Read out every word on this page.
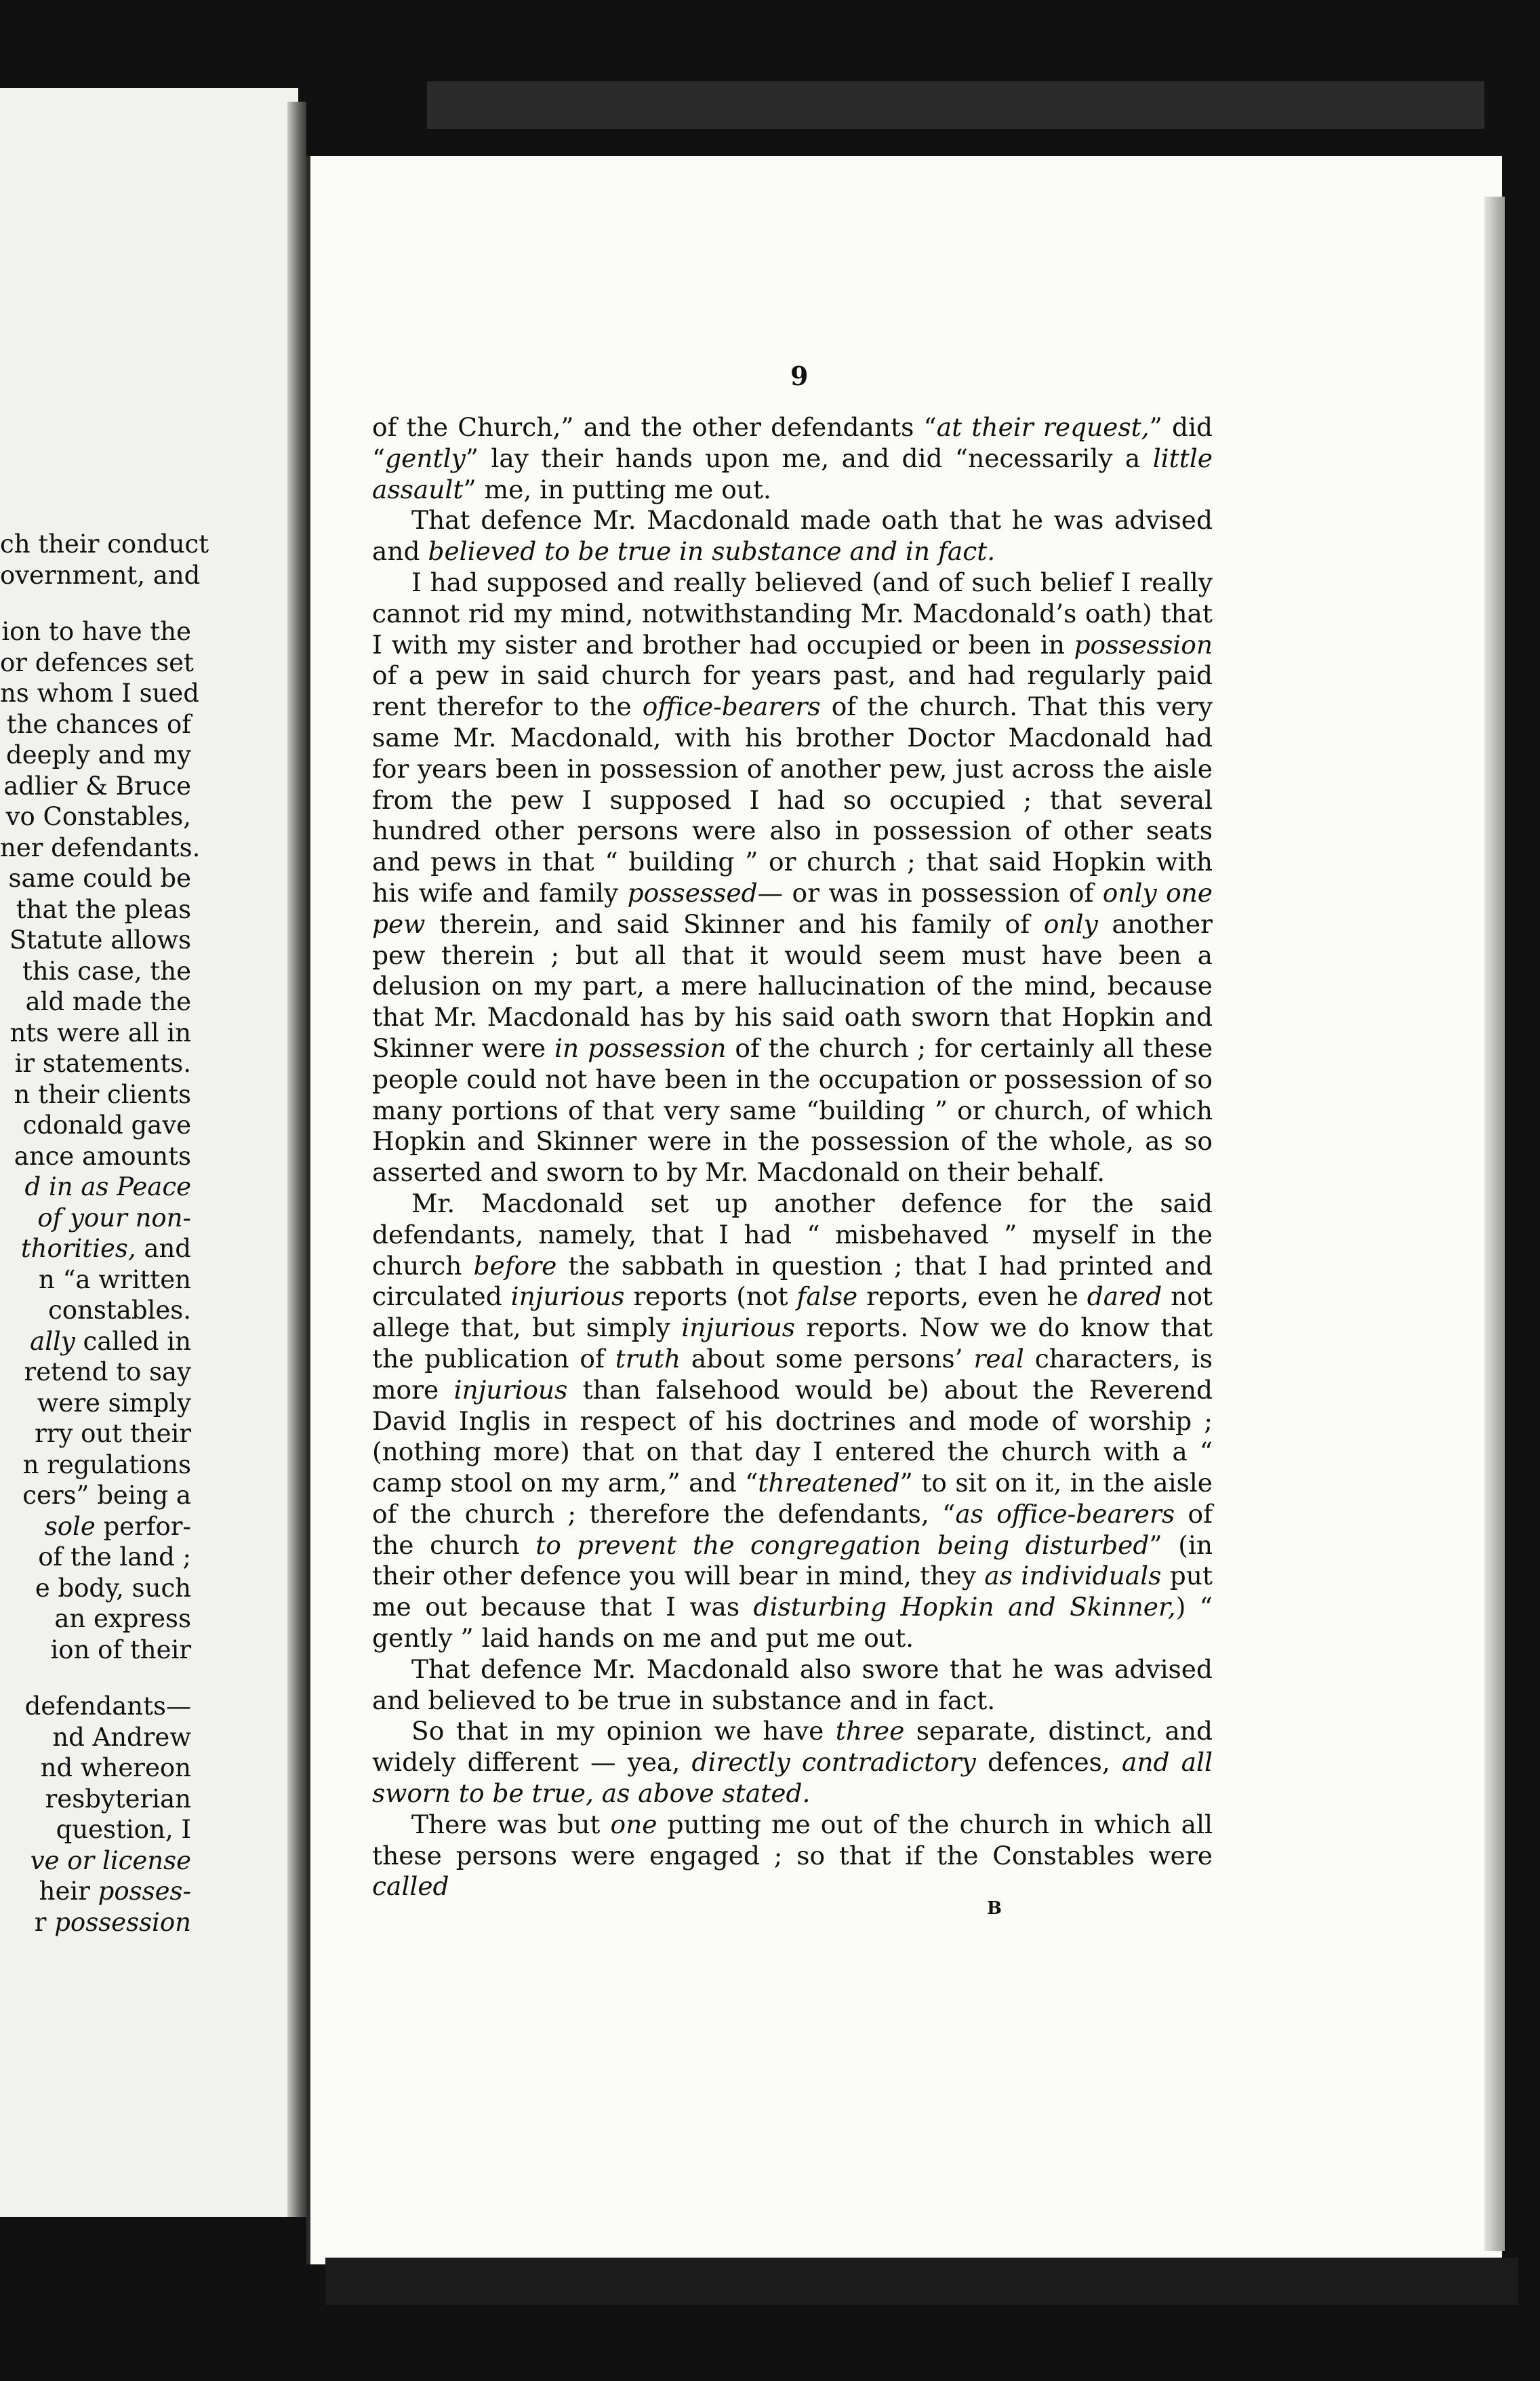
ch their conduct
overnment, and
ion to have the
or defences set
ns whom I sued
the chances of
deeply and my
adlier & Bruce
vo Constables,
ner defendants.
same could be
that the pleas
Statute allows
this case, the
ald made the
nts were all in
ir statements.
n their clients
cdonald gave
ance amounts
d in as Peace
of your non-
thorities, and
n “a written
constables.
ally called in
retend to say
were simply
rry out their
n regulations
cers” being a
sole perfor-
of the land ;
e body, such
an express
ion of their
defendants—
nd Andrew
nd whereon
resbyterian
question, I
ve or license
heir posses-
r possession
9

of the Church,” and the other defendants “at their request,” did “gently” lay their hands upon me, and did “necessarily a little assault” me, in putting me out.

That defence Mr. Macdonald made oath that he was advised and believed to be true in substance and in fact.

I had supposed and really believed (and of such belief I really cannot rid my mind, notwithstanding Mr. Macdonald’s oath) that I with my sister and brother had occupied or been in possession of a pew in said church for years past, and had regularly paid rent therefor to the office-bearers of the church. That this very same Mr. Macdonald, with his brother Doctor Macdonald had for years been in possession of another pew, just across the aisle from the pew I supposed I had so occupied ; that several hundred other persons were also in possession of other seats and pews in that “ building ” or church ; that said Hopkin with his wife and family possessed— or was in possession of only one pew therein, and said Skinner and his family of only another pew therein ; but all that it would seem must have been a delusion on my part, a mere hallucination of the mind, because that Mr. Macdonald has by his said oath sworn that Hopkin and Skinner were in possession of the church ; for certainly all these people could not have been in the occupation or possession of so many portions of that very same “building ” or church, of which Hopkin and Skinner were in the possession of the whole, as so asserted and sworn to by Mr. Macdonald on their behalf.

Mr. Macdonald set up another defence for the said defendants, namely, that I had “ misbehaved ” myself in the church before the sabbath in question ; that I had printed and circulated injurious reports (not false reports, even he dared not allege that, but simply injurious reports. Now we do know that the publication of truth about some persons’ real characters, is more injurious than falsehood would be) about the Reverend David Inglis in respect of his doctrines and mode of worship ; (nothing more) that on that day I entered the church with a “ camp stool on my arm,” and “threatened” to sit on it, in the aisle of the church ; therefore the defendants, “as office-bearers of the church to prevent the congregation being disturbed” (in their other defence you will bear in mind, they as individuals put me out because that I was disturbing Hopkin and Skinner,) “ gently ” laid hands on me and put me out.

That defence Mr. Macdonald also swore that he was advised and believed to be true in substance and in fact.

So that in my opinion we have three separate, distinct, and widely different — yea, directly contradictory defences, and all sworn to be true, as above stated.

There was but one putting me out of the church in which all these persons were engaged ; so that if the Constables were called

B
